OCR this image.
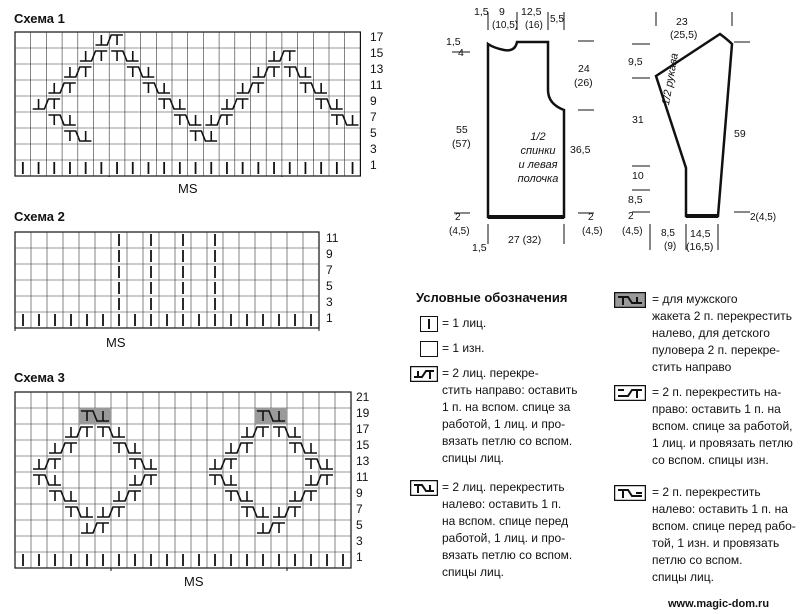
Схема 1
17
15
13
11
9
7
5
3
1
MS
Схема 2
11
9
7
5
3
1
MS
Схема 3
21
19
17
15
13
11
9
7
5
3
1
MS
1,5 9
(10,5)
12,5
(16)
5,5
1,5
4
24
(26)
55
(57)	36,5
2
(4,5)
2
(4,5)
1,5
27 (32)
1/2
спинки
и левая
полочка
23
(25,5)
9,5
31
10
8,5
2
(4,5)
59
2(4,5)
8,5
(9)
14,5
(16,5)
1/2 рукава
Условные обозначения
= 1 лиц.
= 1 изн.
= 2 лиц. перекре-
стить направо: оставить
1 п. на вспом. спице за
работой, 1 лиц. и про-
вязать петлю со вспом.
спицы лиц.
= 2 лиц. перекрестить
налево: оставить 1 п.
на вспом. спице перед
работой, 1 лиц. и про-
вязать петлю со вспом.
спицы лиц.
= для мужского
жакета 2 п. перекрестить
налево, для детского
пуловера 2 п. перекре-
стить направо
= 2 п. перекрестить на-
право: оставить 1 п. на
вспом. спице за работой,
1 лиц. и провязать петлю
со вспом. спицы изн.
= 2 п. перекрестить
налево: оставить 1 п. на
вспом. спице перед рабо-
той, 1 изн. и провязать
петлю со вспом.
спицы лиц.
www.magic-dom.ru
